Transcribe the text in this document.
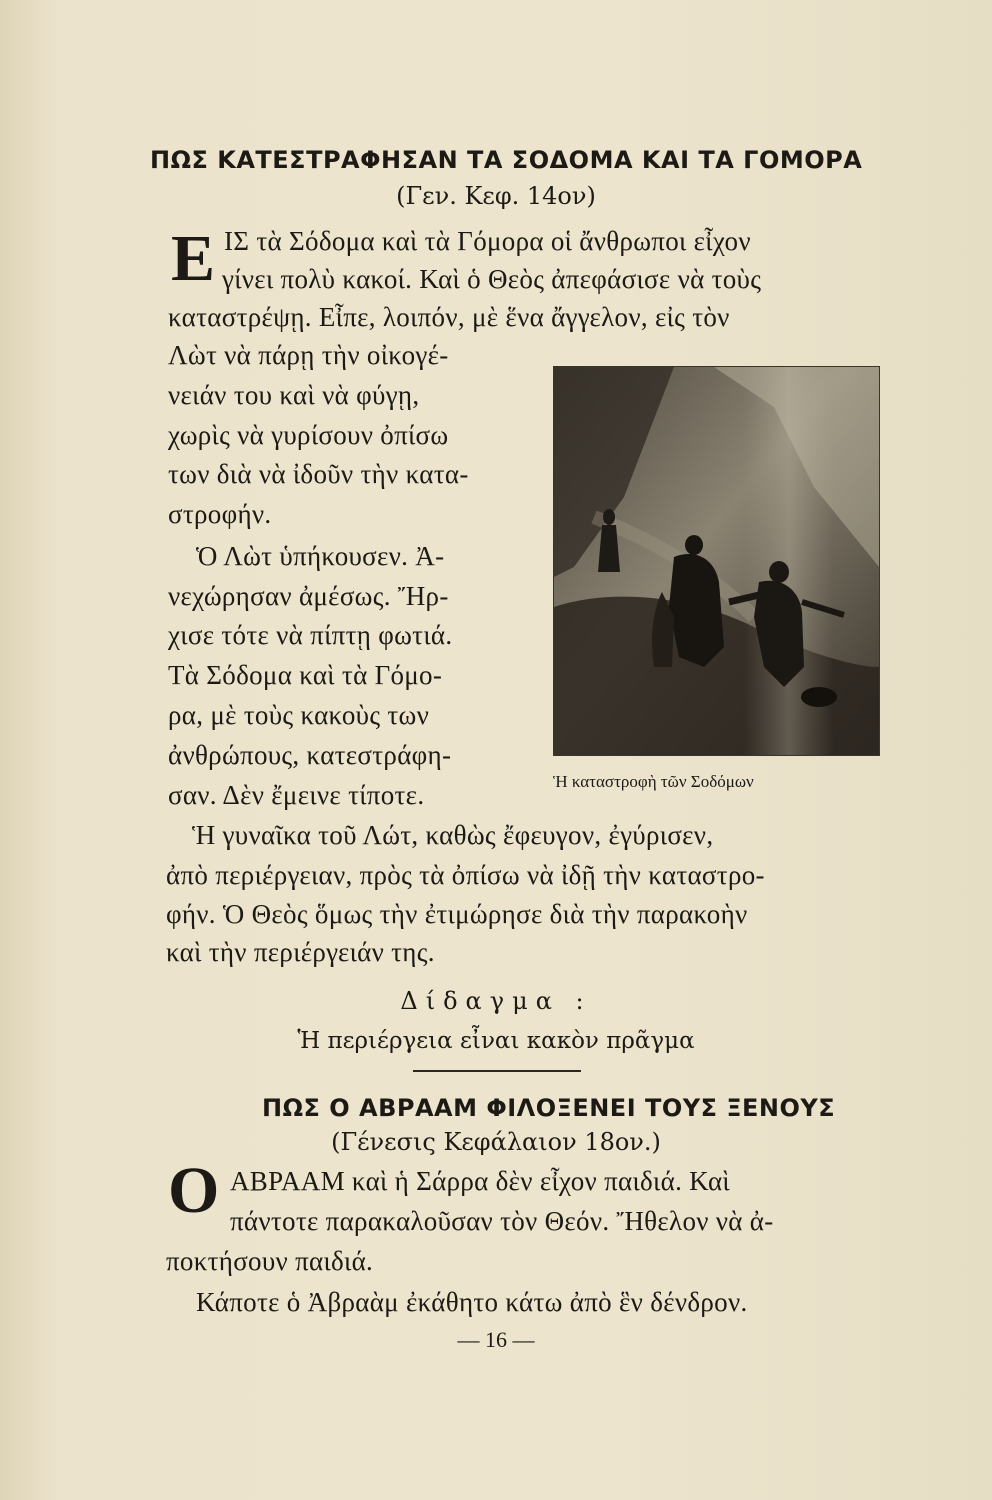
ΠΩΣ ΚΑΤΕΣΤΡΑΦΗΣΑΝ ΤΑ ΣΟΔΟΜΑ ΚΑΙ ΤΑ ΓΟΜΟΡΑ
(Γεν. Κεφ. 14ον)
Ε ΙΣ τὰ Σόδομα καὶ τὰ Γόμορα οἱ ἄνθρωποι εἶχον
γίνει πολὺ κακοί. Καὶ ὁ Θεὸς ἀπεφάσισε νὰ τοὺς
καταστρέψῃ. Εἶπε, λοιπόν, μὲ ἕνα ἄγγελον, εἰς τὸν
Λὼτ νὰ πάρῃ τὴν οἰκογέ-
νειάν του καὶ νὰ φύγῃ,
χωρὶς νὰ γυρίσουν ὀπίσω
των διὰ νὰ ἰδοῦν τὴν κατα-
στροφήν.
Ὁ Λὼτ ὑπήκουσεν. Ἀ-
νεχώρησαν ἀμέσως. Ἤρ-
χισε τότε νὰ πίπτῃ φωτιά.
Τὰ Σόδομα καὶ τὰ Γόμο-
ρα, μὲ τοὺς κακοὺς των
ἀνθρώπους, κατεστράφη-
σαν. Δὲν ἔμεινε τίποτε.
Ἡ γυναῖκα τοῦ Λώτ, καθὼς ἔφευγον, ἐγύρισεν,
ἀπὸ περιέργειαν, πρὸς τὰ ὀπίσω νὰ ἰδῇ τὴν καταστρο-
φήν. Ὁ Θεὸς ὅμως τὴν ἐτιμώρησε διὰ τὴν παρακοὴν
καὶ τὴν περιέργειάν της.
Ἡ καταστροφὴ τῶν Σοδόμων
Δίδαγμα :
Ἡ περιέργεια εἶναι κακὸν πρᾶγμα
ΠΩΣ Ο ΑΒΡΑΑΜ ΦΙΛΟΞΕΝΕΙ ΤΟΥΣ ΞΕΝΟΥΣ
(Γένεσις Κεφάλαιον 18ον.)
Ο ΑΒΡΑΑΜ καὶ ἡ Σάρρα δὲν εἶχον παιδιά. Καὶ
πάντοτε παρακαλοῦσαν τὸν Θεόν. Ἤθελον νὰ ἀ-
ποκτήσουν παιδιά.
Κάποτε ὁ Ἀβραὰμ ἐκάθητο κάτω ἀπὸ ἓν δένδρον.
— 16 —
